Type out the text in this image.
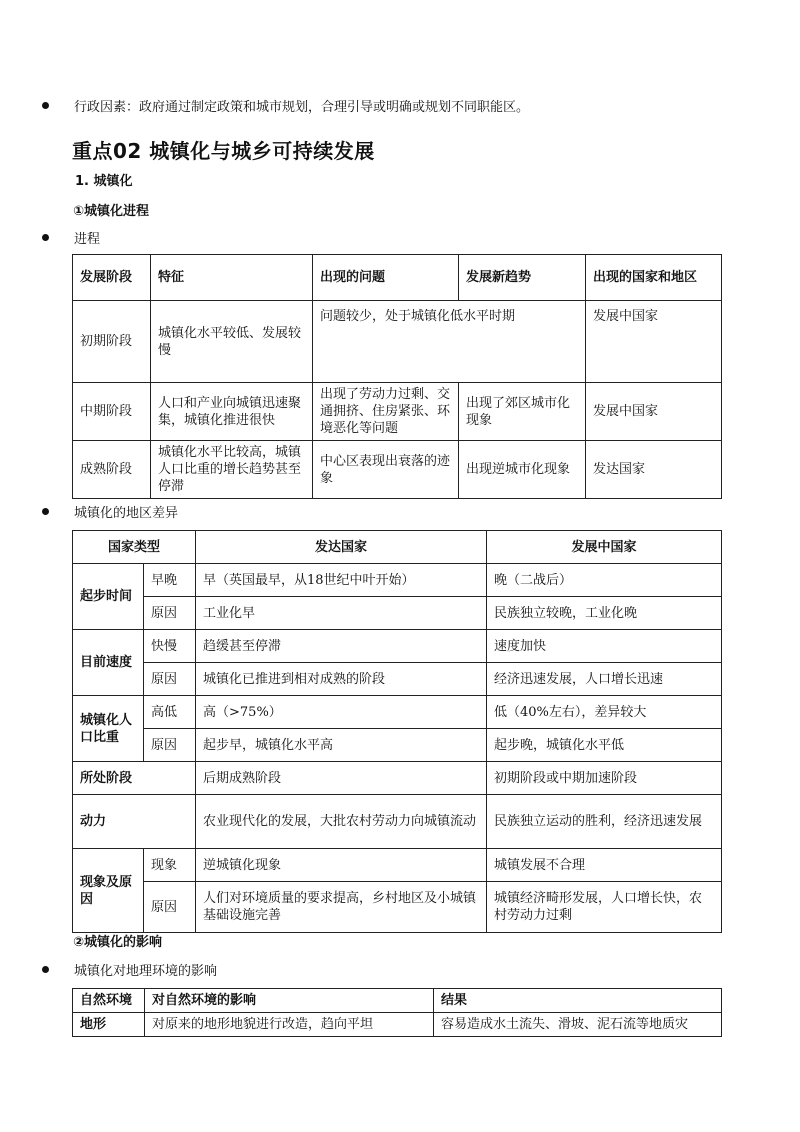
行政因素：政府通过制定政策和城市规划，合理引导或明确或规划不同职能区。
重点02 城镇化与城乡可持续发展
1. 城镇化
①城镇化进程
进程
发展阶段	特征	出现的问题	发展新趋势	出现的国家和地区
初期阶段	城镇化水平较低、发展较慢	问题较少，处于城镇化低水平时期		发展中国家
中期阶段	人口和产业向城镇迅速聚集，城镇化推进很快	出现了劳动力过剩、交通拥挤、住房紧张、环境恶化等问题	出现了郊区城市化现象	发展中国家
成熟阶段	城镇化水平比较高，城镇人口比重的增长趋势甚至停滞	中心区表现出衰落的迹象	出现逆城市化现象	发达国家
城镇化的地区差异
国家类型		发达国家	发展中国家
起步时间	早晚	早（英国最早，从18世纪中叶开始）	晚（二战后）
	原因	工业化早	民族独立较晚，工业化晚
目前速度	快慢	趋缓甚至停滞	速度加快
	原因	城镇化已推进到相对成熟的阶段	经济迅速发展，人口增长迅速
城镇化人口比重	高低	高（>75%）	低（40%左右），差异较大
	原因	起步早，城镇化水平高	起步晚，城镇化水平低
所处阶段		后期成熟阶段	初期阶段或中期加速阶段
动力		农业现代化的发展，大批农村劳动力向城镇流动	民族独立运动的胜利，经济迅速发展
现象及原因	现象	逆城镇化现象	城镇发展不合理
	原因	人们对环境质量的要求提高，乡村地区及小城镇基础设施完善	城镇经济畸形发展，人口增长快，农村劳动力过剩
②城镇化的影响
城镇化对地理环境的影响
自然环境	对自然环境的影响	结果
地形	对原来的地形地貌进行改造，趋向平坦	容易造成水土流失、滑坡、泥石流等地质灾
